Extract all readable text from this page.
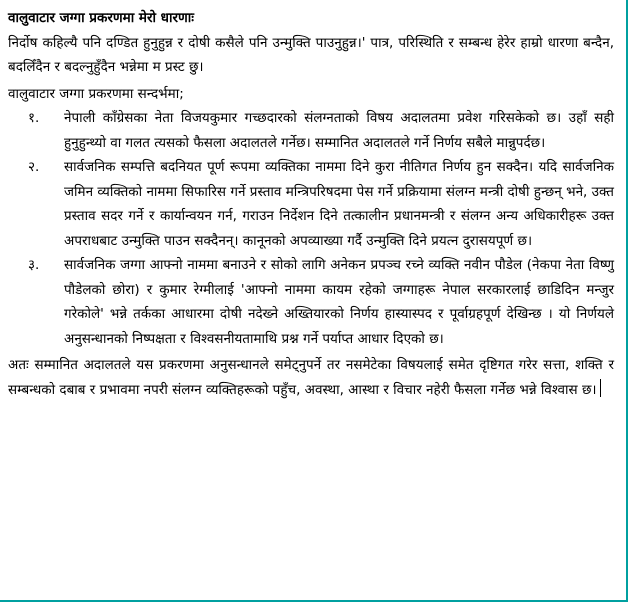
वालुवाटार जग्गा प्रकरणमा मेरो धारणाः

निर्दोष कहिल्यै पनि दण्डित हुनुहुन्न र दोषी कसैले पनि उन्मुक्ति पाउनुहुन्न।' पात्र, परिस्थिति र सम्बन्ध हेरेर हाम्रो धारणा बन्दैन, बदलिँदैन र बदल्नुहुँदैन भन्नेमा म प्रस्ट छु।

वालुवाटार जग्गा प्रकरणमा सन्दर्भमा;

१. नेपाली काँग्रेसका नेता विजयकुमार गच्छदारको संलग्नताको विषय अदालतमा प्रवेश गरिसकेको छ। उहाँ सही हुनुहुन्थ्यो वा गलत त्यसको फैसला अदालतले गर्नेछ। सम्मानित अदालतले गर्ने निर्णय सबैले मान्नुपर्दछ।
२. सार्वजनिक सम्पत्ति बदनियत पूर्ण रूपमा व्यक्तिका नाममा दिने कुरा नीतिगत निर्णय हुन सक्दैन। यदि सार्वजनिक जमिन व्यक्तिको नाममा सिफारिस गर्ने प्रस्ताव मन्त्रिपरिषदमा पेस गर्ने प्रक्रियामा संलग्न मन्त्री दोषी हुन्छन् भने, उक्त प्रस्ताव सदर गर्ने र कार्यान्वयन गर्न, गराउन निर्देशन दिने तत्कालीन प्रधानमन्त्री र संलग्न अन्य अधिकारीहरू उक्त अपराधबाट उन्मुक्ति पाउन सक्दैनन्। कानूनको अपव्याख्या गर्दै उन्मुक्ति दिने प्रयत्न दुरासयपूर्ण छ।
३. सार्वजनिक जग्गा आफ्नो नाममा बनाउने र सोको लागि अनेकन प्रपञ्च रच्ने व्यक्ति नवीन पौडेल (नेकपा नेता विष्णु पौडेलको छोरा) र कुमार रेग्मीलाई 'आफ्नो नाममा कायम रहेको जग्गाहरू नेपाल सरकारलाई छाडिदिन मन्जुर गरेकोले' भन्ने तर्कका आधारमा दोषी नदेख्ने अख्तियारको निर्णय हास्यास्पद र पूर्वाग्रहपूर्ण देखिन्छ । यो निर्णयले अनुसन्धानको निष्पक्षता र विश्वसनीयतामाथि प्रश्न गर्ने पर्याप्त आधार दिएको छ।

अतः सम्मानित अदालतले यस प्रकरणमा अनुसन्धानले समेट्नुपर्ने तर नसमेटेका विषयलाई समेत दृष्टिगत गरेर सत्ता, शक्ति र सम्बन्धको दबाब र प्रभावमा नपरी संलग्न व्यक्तिहरूको पहुँच, अवस्था, आस्था र विचार नहेरी फैसला गर्नेछ भन्ने विश्वास छ।
